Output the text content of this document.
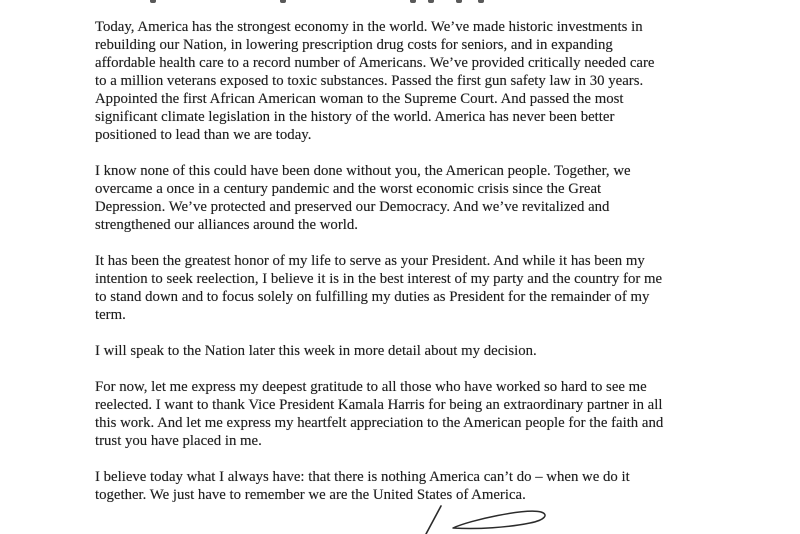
Today, America has the strongest economy in the world. We’ve made historic investments in
rebuilding our Nation, in lowering prescription drug costs for seniors, and in expanding
affordable health care to a record number of Americans. We’ve provided critically needed care
to a million veterans exposed to toxic substances. Passed the first gun safety law in 30 years.
Appointed the first African American woman to the Supreme Court. And passed the most
significant climate legislation in the history of the world. America has never been better
positioned to lead than we are today.
I know none of this could have been done without you, the American people. Together, we
overcame a once in a century pandemic and the worst economic crisis since the Great
Depression. We’ve protected and preserved our Democracy. And we’ve revitalized and
strengthened our alliances around the world.
It has been the greatest honor of my life to serve as your President. And while it has been my
intention to seek reelection, I believe it is in the best interest of my party and the country for me
to stand down and to focus solely on fulfilling my duties as President for the remainder of my
term.
I will speak to the Nation later this week in more detail about my decision.
For now, let me express my deepest gratitude to all those who have worked so hard to see me
reelected. I want to thank Vice President Kamala Harris for being an extraordinary partner in all
this work. And let me express my heartfelt appreciation to the American people for the faith and
trust you have placed in me.
I believe today what I always have: that there is nothing America can’t do – when we do it
together. We just have to remember we are the United States of America.
